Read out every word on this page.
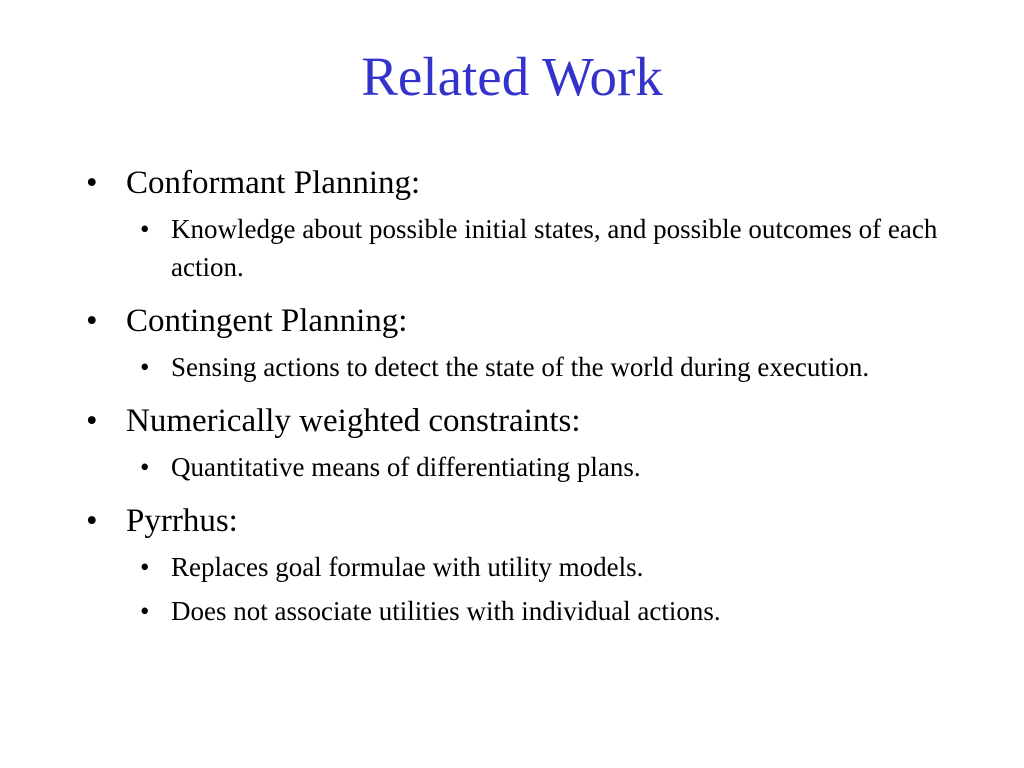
Related Work
• Conformant Planning:
• Knowledge about possible initial states, and possible outcomes of each action.
• Contingent Planning:
• Sensing actions to detect the state of the world during execution.
• Numerically weighted constraints:
• Quantitative means of differentiating plans.
• Pyrrhus:
• Replaces goal formulae with utility models.
• Does not associate utilities with individual actions.
